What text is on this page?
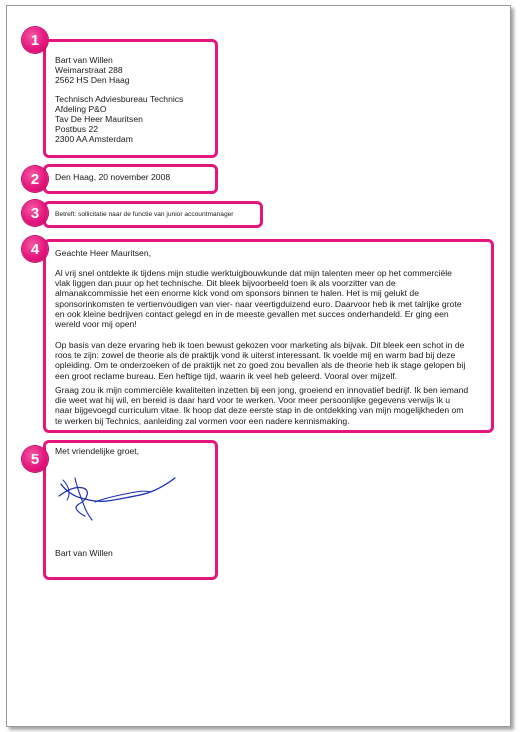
1
Bart van Willen
Weimarstraat 288
2562 HS Den Haag
Technisch Adviesbureau Technics
Afdeling P&O
Tav De Heer Mauritsen
Postbus 22
2300 AA Amsterdam
2	Den Haag, 20 november 2008
3	Betreft: sollicitatie naar de functie van junior accountmanager
4	Geachte Heer Mauritsen,
Al vrij snel ontdekte ik tijdens mijn studie werktuigbouwkunde dat mijn talenten meer op het commerciële
vlak liggen dan puur op het technische. Dit bleek bijvoorbeeld toen ik als voorzitter van de
almanakcommissie het een enorme kick vond om sponsors binnen te halen. Het is mij gelukt de
sponsorinkomsten te vertienvoudigen van vier- naar veertigduizend euro. Daarvoor heb ik met talrijke grote
en ook kleine bedrijven contact gelegd en in de meeste gevallen met succes onderhandeld. Er ging een
wereld voor mij open!
Op basis van deze ervaring heb ik toen bewust gekozen voor marketing als bijvak. Dit bleek een schot in de
roos te zijn: zowel de theorie als de praktijk vond ik uiterst interessant. Ik voelde mij en warm bad bij deze
opleiding. Om te onderzoeken of de praktijk net zo goed zou bevallen als de theorie heb ik stage gelopen bij
een groot reclame bureau. Een heftige tijd, waarin ik veel heb geleerd. Vooral over mijzelf.
Graag zou ik mijn commerciële kwaliteiten inzetten bij een jong, groeiend en innovatief bedrijf. Ik ben iemand
die weet wat hij wil, en bereid is daar hard voor te werken. Voor meer persoonlijke gegevens verwijs ik u
naar bijgevoegd curriculum vitae. Ik hoop dat deze eerste stap in de ontdekking van mijn mogelijkheden om
te werken bij Technics, aanleiding zal vormen voor een nadere kennismaking.
5	Met vriendelijke groet,
Bart van Willen
